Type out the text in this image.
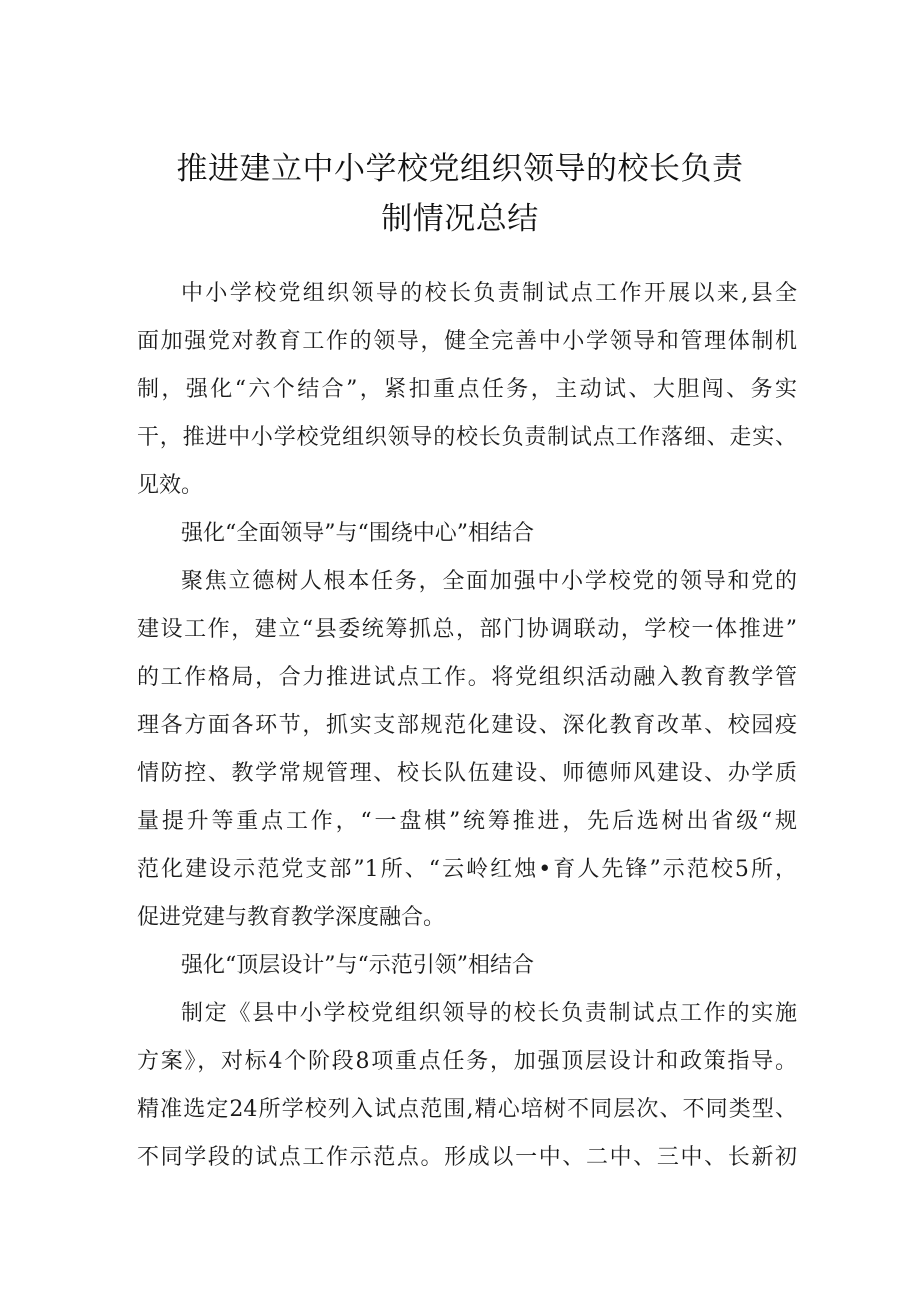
推进建立中小学校党组织领导的校长负责
制情况总结
中小学校党组织领导的校长负责制试点工作开展以来,县全
面加强党对教育工作的领导，健全完善中小学领导和管理体制机
制，强化“六个结合”，紧扣重点任务，主动试、大胆闯、务实
干，推进中小学校党组织领导的校长负责制试点工作落细、走实、
见效。
强化“全面领导”与“围绕中心”相结合
聚焦立德树人根本任务，全面加强中小学校党的领导和党的
建设工作，建立“县委统筹抓总，部门协调联动，学校一体推进”
的工作格局，合力推进试点工作。将党组织活动融入教育教学管
理各方面各环节，抓实支部规范化建设、深化教育改革、校园疫
情防控、教学常规管理、校长队伍建设、师德师风建设、办学质
量提升等重点工作，“一盘棋”统筹推进，先后选树出省级“规
范化建设示范党支部”1所、“云岭红烛•育人先锋”示范校5所，
促进党建与教育教学深度融合。
强化“顶层设计”与“示范引领”相结合
制定《县中小学校党组织领导的校长负责制试点工作的实施
方案》，对标4个阶段8项重点任务，加强顶层设计和政策指导。
精准选定24所学校列入试点范围,精心培树不同层次、不同类型、
不同学段的试点工作示范点。形成以一中、二中、三中、长新初
